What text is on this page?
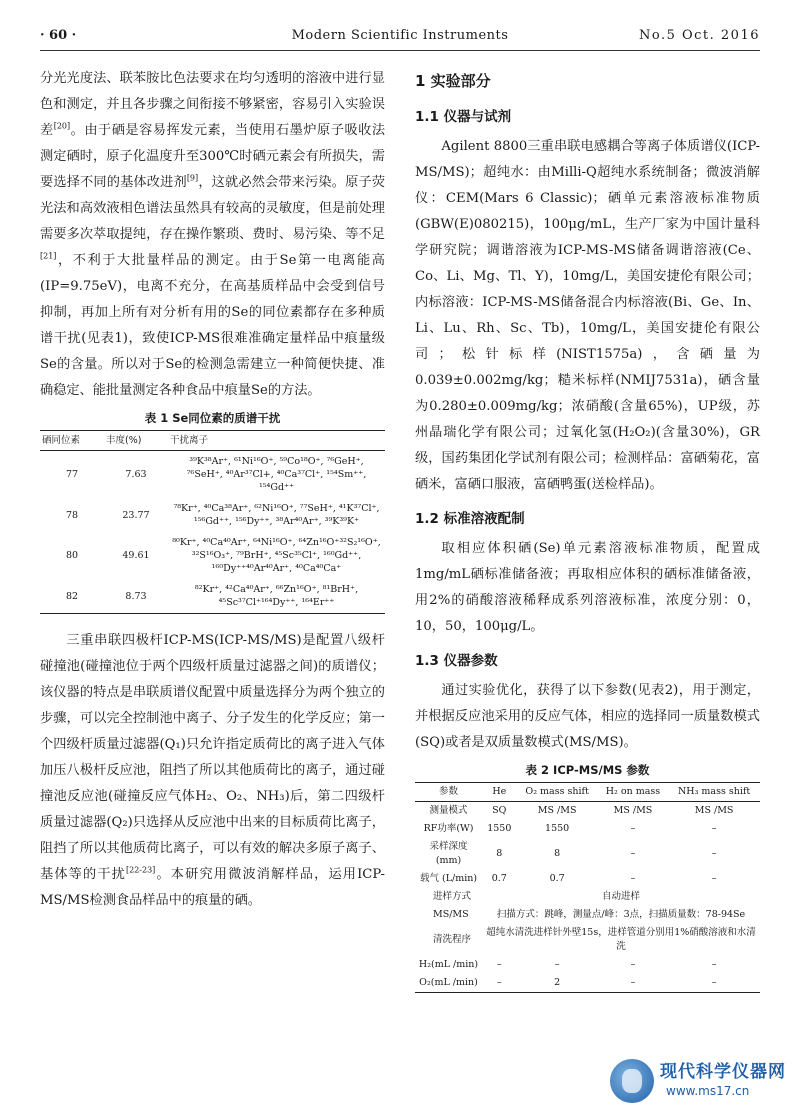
· 60 ·	Modern Scientific Instruments	No.5 Oct. 2016

分光光度法、联苯胺比色法要求在均匀透明的溶液中进行显色和测定，并且各步骤之间衔接不够紧密，容易引入实验误差[20]。由于硒是容易挥发元素，当使用石墨炉原子吸收法测定硒时，原子化温度升至300℃时硒元素会有所损失，需要选择不同的基体改进剂[9]，这就必然会带来污染。原子荧光法和高效液相色谱法虽然具有较高的灵敏度，但是前处理需要多次萃取提纯，存在操作繁琐、费时、易污染、等不足[21]，不利于大批量样品的测定。由于Se第一电离能高(IP=9.75eV)，电离不充分，在高基质样品中会受到信号抑制，再加上所有对分析有用的Se的同位素都存在多种质谱干扰(见表1)，致使ICP-MS很难准确定量样品中痕量级Se的含量。所以对于Se的检测急需建立一种简便快捷、准确稳定、能批量测定各种食品中痕量Se的方法。

表 1 Se同位素的质谱干扰
硒同位素	丰度(%)	干扰离子
77	7.63	³⁹K³⁸Ar⁺, ⁶¹Ni¹⁶O⁺, ⁵⁹Co¹⁸O⁺, ⁷⁶GeH⁺, ⁷⁶SeH⁺, ⁴⁰Ar³⁷Cl+, ⁴⁰Ca³⁷Cl⁺, ¹⁵⁴Sm⁺⁺, ¹⁵⁴Gd⁺⁺
78	23.77	⁷⁸Kr⁺, ⁴⁰Ca³⁸Ar⁺, ⁶²Ni¹⁶O⁺, ⁷⁷SeH⁺, ⁴¹K³⁷Cl⁺, ¹⁵⁶Gd⁺⁺, ¹⁵⁶Dy⁺⁺, ³⁸Ar⁴⁰Ar⁺, ³⁹K³⁹K⁺
80	49.61	⁸⁰Kr⁺, ⁴⁰Ca⁴⁰Ar⁺, ⁶⁴Ni¹⁶O⁺, ⁶⁴Zn¹⁶O⁺³²S₂¹⁶O⁺, ³²S¹⁶O₃⁺, ⁷⁹BrH⁺, ⁴⁵Sc³⁵Cl⁺, ¹⁶⁰Gd⁺⁺, ¹⁶⁰Dy⁺⁺⁴⁰Ar⁴⁰Ar⁺, ⁴⁰Ca⁴⁰Ca⁺
82	8.73	⁸²Kr⁺, ⁴²Ca⁴⁰Ar⁺, ⁶⁶Zn¹⁶O⁺, ⁸¹BrH⁺, ⁴⁵Sc³⁷Cl⁺¹⁶⁴Dy⁺⁺, ¹⁶⁴Er⁺⁺

三重串联四极杆ICP-MS(ICP-MS/MS)是配置八级杆碰撞池(碰撞池位于两个四级杆质量过滤器之间)的质谱仪；该仪器的特点是串联质谱仪配置中质量选择分为两个独立的步骤，可以完全控制池中离子、分子发生的化学反应；第一个四级杆质量过滤器(Q₁)只允许指定质荷比的离子进入气体加压八极杆反应池，阻挡了所以其他质荷比的离子，通过碰撞池反应池(碰撞反应气体H₂、O₂、NH₃)后，第二四级杆质量过滤器(Q₂)只选择从反应池中出来的目标质荷比离子，阻挡了所以其他质荷比离子，可以有效的解决多原子离子、基体等的干扰[22-23]。本研究用微波消解样品，运用ICP-MS/MS检测食品样品中的痕量的硒。

1 实验部分
1.1 仪器与试剂

Agilent 8800三重串联电感耦合等离子体质谱仪(ICP-MS/MS)；超纯水：由Milli-Q超纯水系统制备；微波消解仪：CEM(Mars 6 Classic)；硒单元素溶液标准物质(GBW(E)080215)，100μg/mL，生产厂家为中国计量科学研究院；调谐溶液为ICP-MS-MS储备调谐溶液(Ce、Co、Li、Mg、Tl、Y)，10mg/L，美国安捷伦有限公司；内标溶液：ICP-MS-MS储备混合内标溶液(Bi、Ge、In、Li、Lu、Rh、Sc、Tb)，10mg/L，美国安捷伦有限公司；松针标样(NIST1575a)，含硒量为0.039±0.002mg/kg；糙米标样(NMIJ7531a)，硒含量为0.280±0.009mg/kg；浓硝酸(含量65%)，UP级，苏州晶瑞化学有限公司；过氧化氢(H₂O₂)(含量30%)，GR级，国药集团化学试剂有限公司；检测样品：富硒菊花，富硒米，富硒口服液，富硒鸭蛋(送检样品)。

1.2 标准溶液配制

取相应体积硒(Se)单元素溶液标准物质，配置成1mg/mL硒标准储备液；再取相应体积的硒标准储备液，用2%的硝酸溶液稀释成系列溶液标准，浓度分别：0，10，50，100μg/L。

1.3 仪器参数

通过实验优化，获得了以下参数(见表2)，用于测定，并根据反应池采用的反应气体，相应的选择同一质量数模式(SQ)或者是双质量数模式(MS/MS)。

表 2 ICP-MS/MS 参数
参数	He	O₂ mass shift	H₂ on mass	NH₃ mass shift
测量模式	SQ	MS /MS	MS /MS	MS /MS
RF功率(W)	1550	1550	–	–
采样深度(mm)	8	8	–	–
载气 (L/min)	0.7	0.7	–	–
进样方式	自动进样			
MS/MS	扫描方式：跳峰，测量点/峰：3点，扫描质量数：78-94Se			
清洗程序	超纯水清洗进样针外壁15s，进样管道分别用1%硝酸溶液和水清洗			
H₂(mL /min)	–	–	–	–
O₂(mL /min)	–	2	–	–
现代科学仪器网
www.ms17.cn
